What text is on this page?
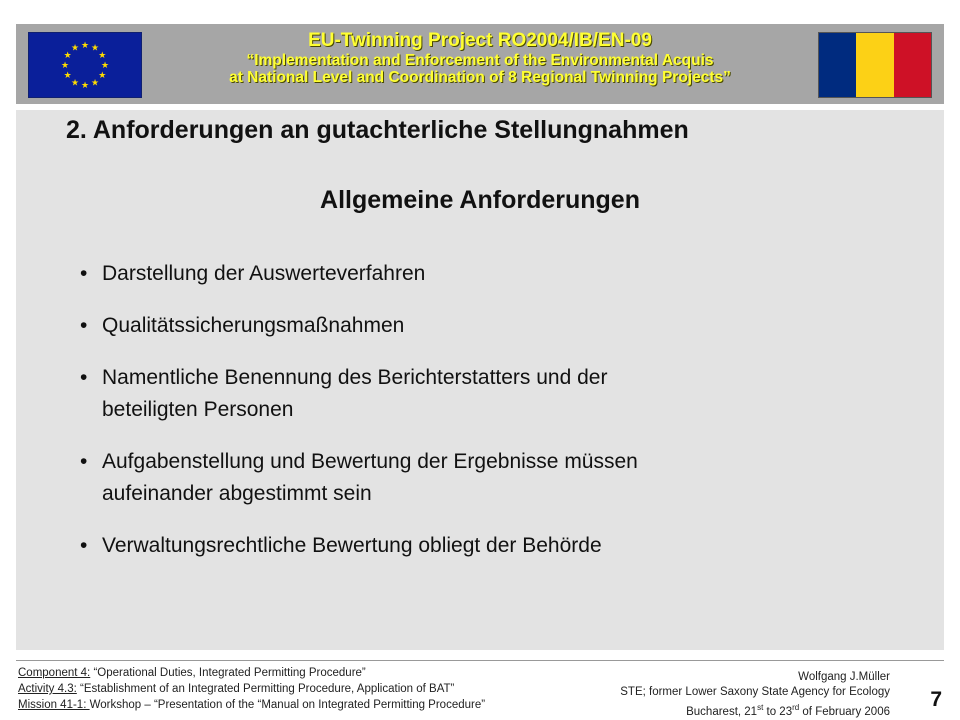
★ ★
★
★
★
★
★
★
★
★
★
★	EU-Twinning Project RO2004/IB/EN-09
“Implementation and Enforcement of the Environmental Acquis
at National Level and Coordination of 8 Regional Twinning Projects”
2. Anforderungen an gutachterliche Stellungnahmen
Allgemeine Anforderungen
• Darstellung der Auswerteverfahren
• Qualitätssicherungsmaßnahmen
• Namentliche Benennung des Berichterstatters und der
beteiligten Personen
• Aufgabenstellung und Bewertung der Ergebnisse müssen
aufeinander abgestimmt sein
• Verwaltungsrechtliche Bewertung obliegt der Behörde
Component 4: “Operational Duties, Integrated Permitting Procedure”
Activity 4.3: “Establishment of an Integrated Permitting Procedure, Application of BAT”
Mission 41-1: Workshop – “Presentation of the “Manual on Integrated Permitting Procedure”
Wolfgang J.Müller
STE; former Lower Saxony State Agency for Ecology
Bucharest, 21st to 23rd of February 2006
7
